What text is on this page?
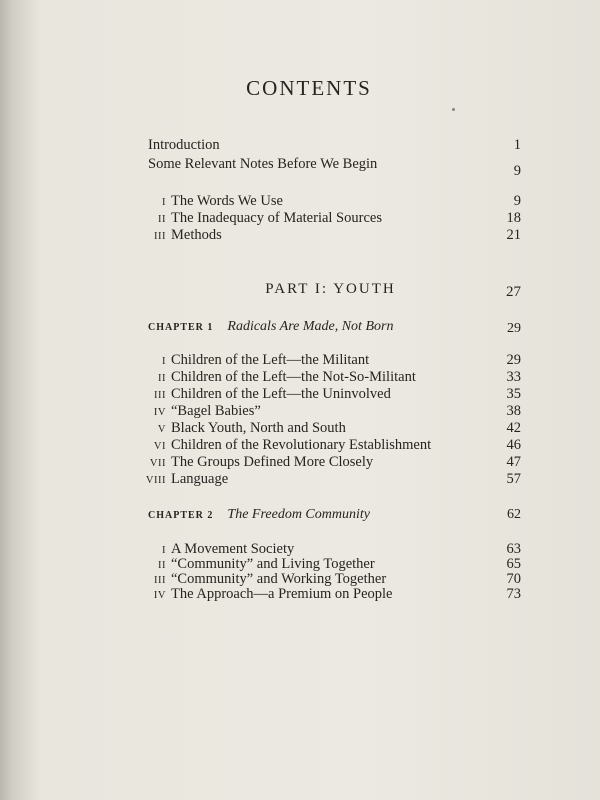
CONTENTS
Introduction	1
Some Relevant Notes Before We Begin	9
I The Words We Use	9
II The Inadequacy of Material Sources	18
III Methods	21
PART I: YOUTH	27
CHAPTER 1 Radicals Are Made, Not Born	29
I Children of the Left—the Militant	29
II Children of the Left—the Not-So-Militant	33
III Children of the Left—the Uninvolved	35
IV “Bagel Babies”	38
V Black Youth, North and South	42
VI Children of the Revolutionary Establishment	46
VII The Groups Defined More Closely	47
VIII Language	57
CHAPTER 2 The Freedom Community	62
I A Movement Society	63
II “Community” and Living Together	65
III “Community” and Working Together	70
IV The Approach—a Premium on People	73
